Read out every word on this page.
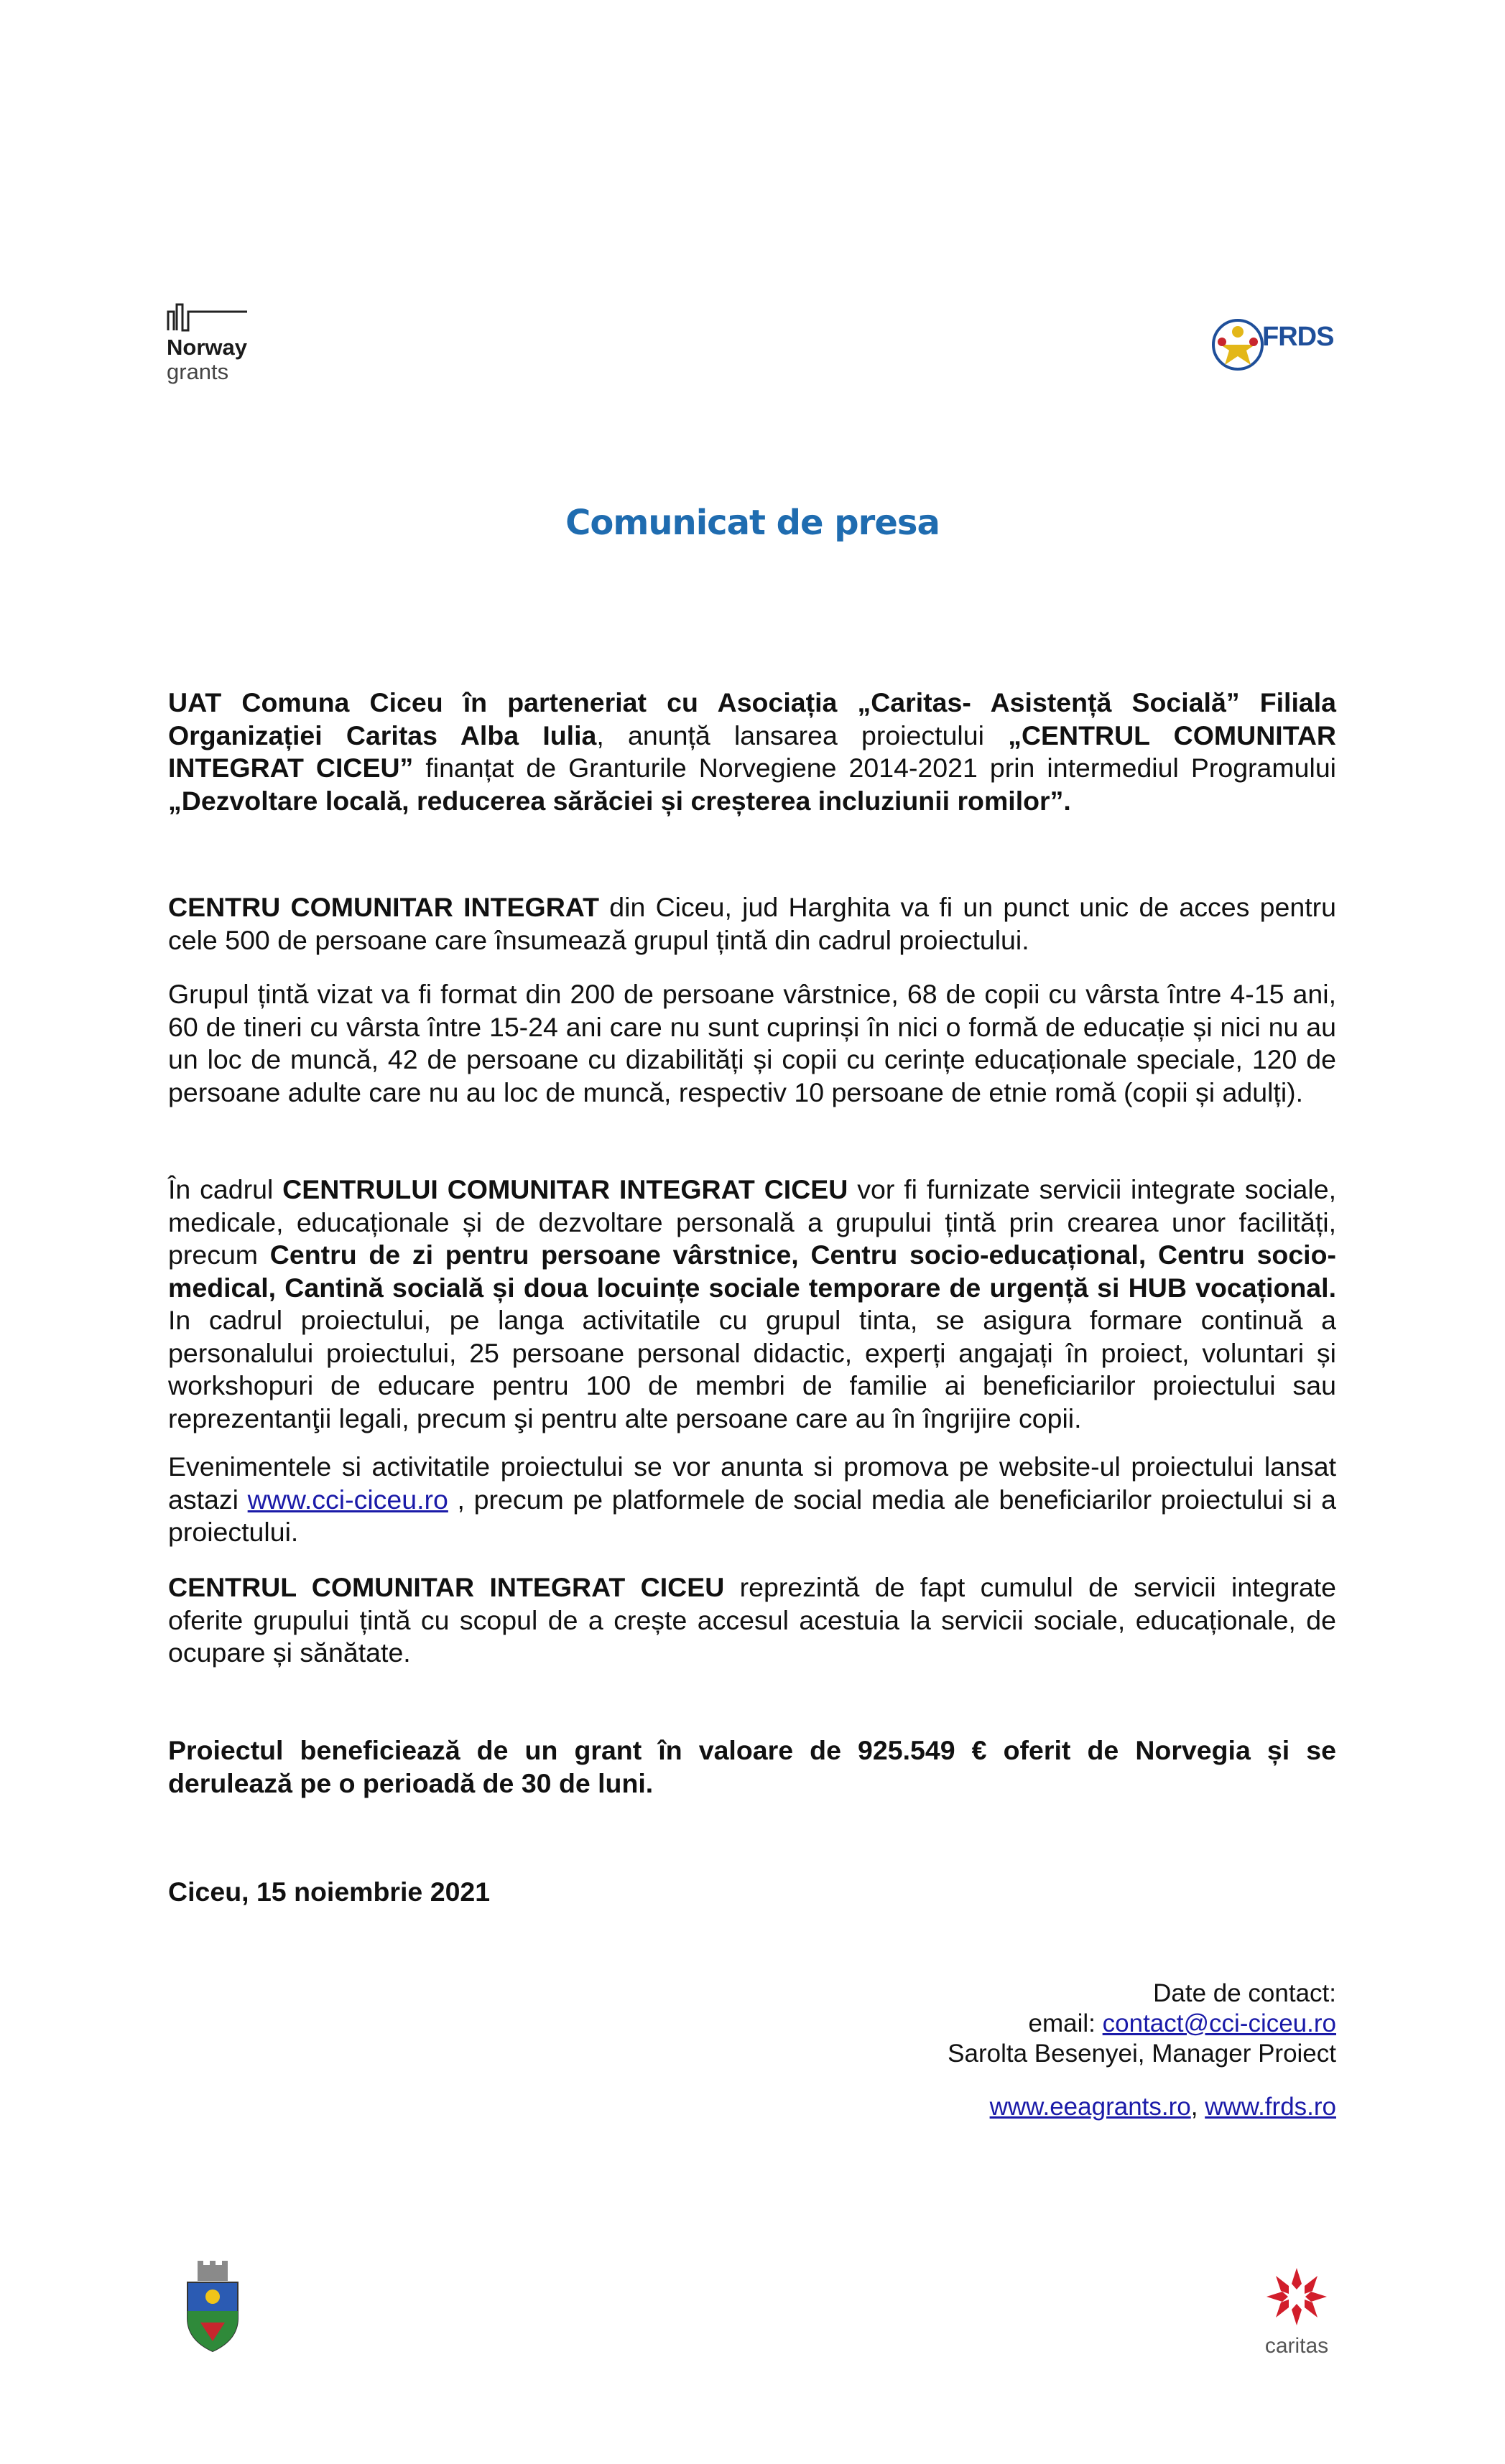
Norway
grants
FRDS
Comunicat de presa
UAT Comuna Ciceu în parteneriat cu Asociația „Caritas- Asistență Socială” Filiala Organizației Caritas Alba Iulia, anunță lansarea proiectului „CENTRUL COMUNITAR INTEGRAT CICEU” finanțat de Granturile Norvegiene 2014-2021 prin intermediul Programului „Dezvoltare locală, reducerea sărăciei și creșterea incluziunii romilor”.
CENTRU COMUNITAR INTEGRAT din Ciceu, jud Harghita va fi un punct unic de acces pentru cele 500 de persoane care însumează grupul țintă din cadrul proiectului.
Grupul țintă vizat va fi format din 200 de persoane vârstnice, 68 de copii cu vârsta între 4-15 ani, 60 de tineri cu vârsta între 15-24 ani care nu sunt cuprinși în nici o formă de educație și nici nu au un loc de muncă, 42 de persoane cu dizabilități și copii cu cerințe educaționale speciale, 120 de persoane adulte care nu au loc de muncă, respectiv 10 persoane de etnie romă (copii și adulți).
În cadrul CENTRULUI COMUNITAR INTEGRAT CICEU vor fi furnizate servicii integrate sociale, medicale, educaționale și de dezvoltare personală a grupului țintă prin crearea unor facilități, precum Centru de zi pentru persoane vârstnice, Centru socio-educațional, Centru socio-medical, Cantină socială și doua locuințe sociale temporare de urgență si HUB vocațional. In cadrul proiectului, pe langa activitatile cu grupul tinta, se asigura formare continuă a personalului proiectului, 25 persoane personal didactic, experți angajați în proiect, voluntari și workshopuri de educare pentru 100 de membri de familie ai beneficiarilor proiectului sau reprezentanţii legali, precum şi pentru alte persoane care au în îngrijire copii.
Evenimentele si activitatile proiectului se vor anunta si promova pe website-ul proiectului lansat astazi www.cci-ciceu.ro , precum pe platformele de social media ale beneficiarilor proiectului si a proiectului.
CENTRUL COMUNITAR INTEGRAT CICEU reprezintă de fapt cumulul de servicii integrate oferite grupului țintă cu scopul de a crește accesul acestuia la servicii sociale, educaționale, de ocupare și sănătate.
Proiectul beneficiează de un grant în valoare de 925.549 € oferit de Norvegia și se derulează pe o perioadă de 30 de luni.
Ciceu, 15 noiembrie 2021
Date de contact:
email: contact@cci-ciceu.ro
Sarolta Besenyei, Manager Proiect
www.eeagrants.ro, www.frds.ro
caritas
